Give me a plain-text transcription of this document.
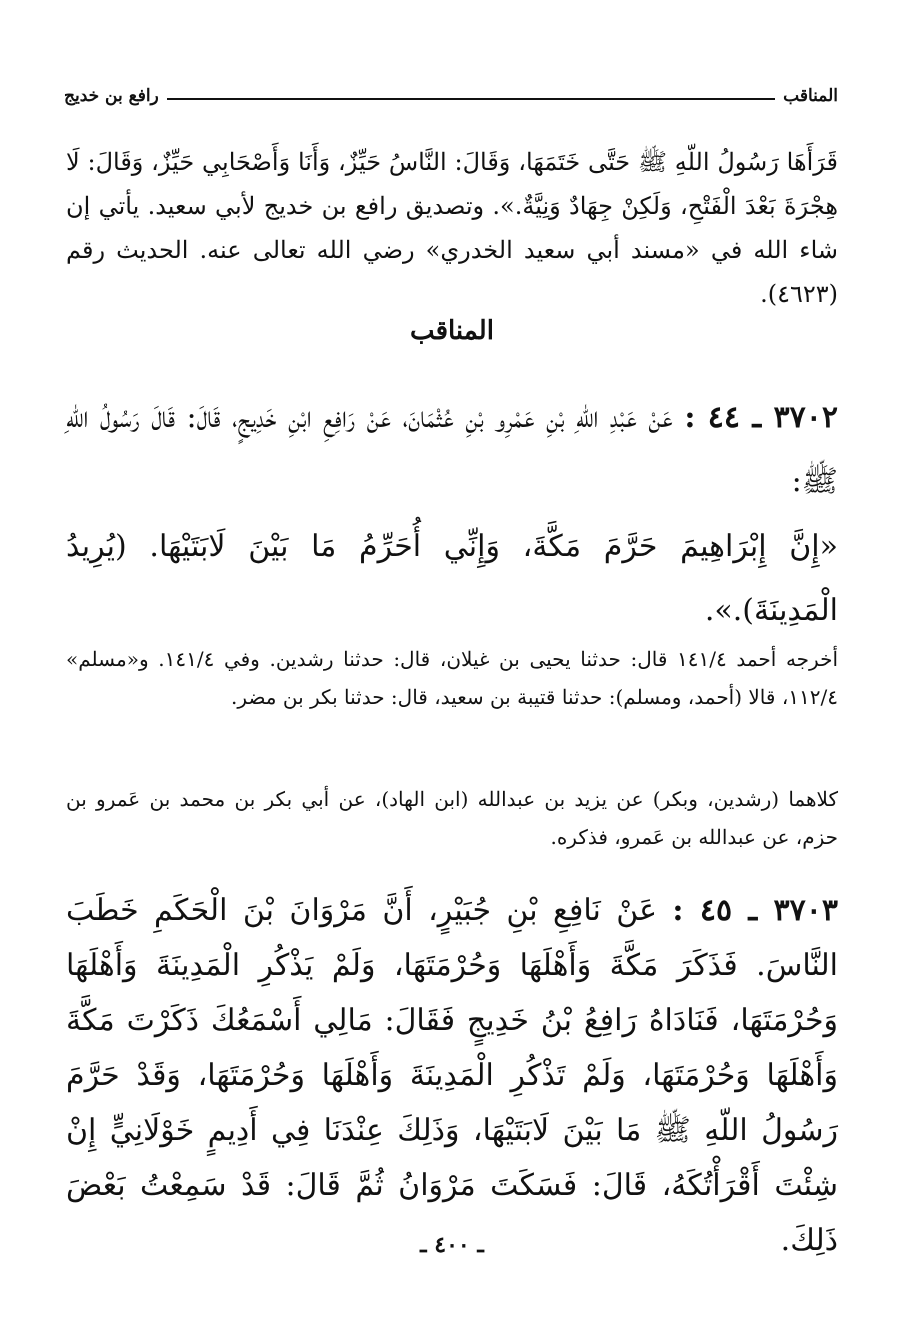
المناقب
رافع بن خديج
قَرَأَهَا رَسُولُ اللّهِ ﷺ حَتَّى خَتَمَهَا، وَقَالَ: النَّاسُ حَيِّزٌ، وَأَنَا وَأَصْحَابِي حَيِّزٌ، وَقَالَ: لَا هِجْرَةَ بَعْدَ الْفَتْحِ، وَلَكِنْ جِهَادٌ وَنِيَّةٌ.». وتصديق رافع بن خديج لأبي سعيد. يأتي إن شاء الله في «مسند أبي سعيد الخدري» رضي الله تعالى عنه. الحديث رقم (٤٦٢٣).
المناقب
٣٧٠٢ ـ ٤٤ : عَنْ عَبْدِ اللّهِ بْنِ عَمْرِو بْنِ عُثْمَانَ، عَنْ رَافِعِ ابْنِ خَدِيجٍ، قَالَ: قَالَ رَسُولُ اللّهِ ﷺ:
«إِنَّ إِبْرَاهِيمَ حَرَّمَ مَكَّةَ، وَإِنِّي أُحَرِّمُ مَا بَيْنَ لَابَتَيْهَا. (يُرِيدُ الْمَدِينَةَ).».
أخرجه أحمد ١٤١/٤ قال: حدثنا يحيى بن غيلان، قال: حدثنا رشدين. وفي ١٤١/٤. و«مسلم» ١١٢/٤، قالا (أحمد، ومسلم): حدثنا قتيبة بن سعيد، قال: حدثنا بكر بن مضر.
كلاهما (رشدين، وبكر) عن يزيد بن عبدالله (ابن الهاد)، عن أبي بكر بن محمد بن عَمرو بن حزم، عن عبدالله بن عَمرو، فذكره.
٣٧٠٣ ـ ٤٥ : عَنْ نَافِعِ بْنِ جُبَيْرٍ، أَنَّ مَرْوَانَ بْنَ الْحَكَمِ خَطَبَ النَّاسَ. فَذَكَرَ مَكَّةَ وَأَهْلَهَا وَحُرْمَتَهَا، وَلَمْ يَذْكُرِ الْمَدِينَةَ وَأَهْلَهَا وَحُرْمَتَهَا، فَنَادَاهُ رَافِعُ بْنُ خَدِيجٍ فَقَالَ: مَالِي أَسْمَعُكَ ذَكَرْتَ مَكَّةَ وَأَهْلَهَا وَحُرْمَتَهَا، وَلَمْ تَذْكُرِ الْمَدِينَةَ وَأَهْلَهَا وَحُرْمَتَهَا، وَقَدْ حَرَّمَ رَسُولُ اللّهِ ﷺ مَا بَيْنَ لَابَتَيْهَا، وَذَلِكَ عِنْدَنَا فِي أَدِيمٍ خَوْلَانِيٍّ إِنْ شِئْتَ أَقْرَأْتُكَهُ، قَالَ: فَسَكَتَ مَرْوَانُ ثُمَّ قَالَ: قَدْ سَمِعْتُ بَعْضَ ذَلِكَ.
ـ ٤٠٠ ـ
